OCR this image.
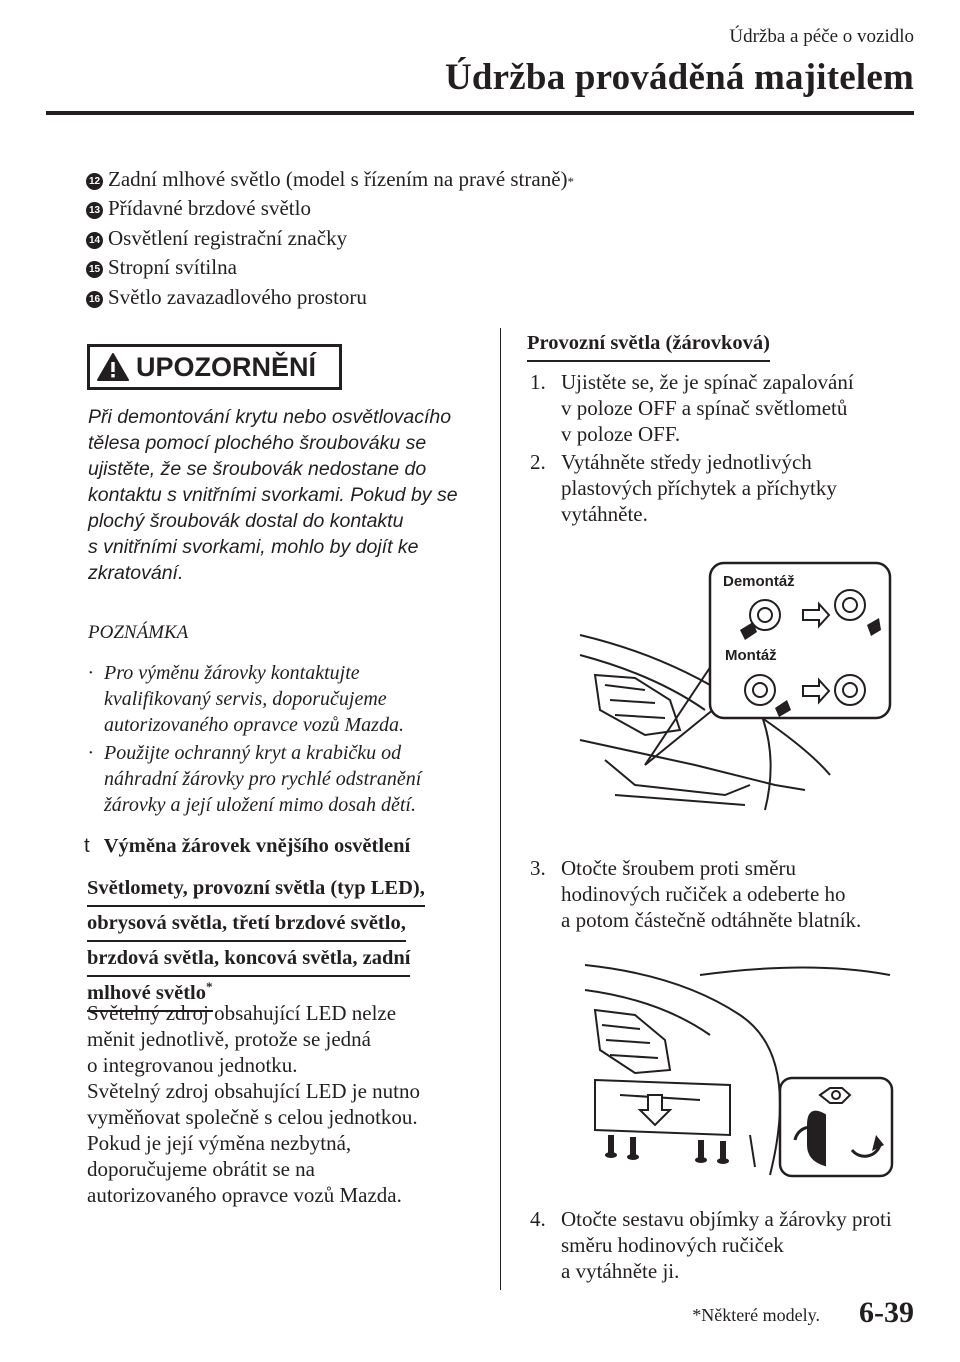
Údržba a péče o vozidlo
Údržba prováděná majitelem
12 Zadní mlhové světlo (model s řízením na pravé straně) *
13 Přídavné brzdové světlo
14 Osvětlení registrační značky
15 Stropní svítilna
16 Světlo zavazadlového prostoru
UPOZORNĚNÍ
Při demontování krytu nebo osvětlovacího
tělesa pomocí plochého šroubováku se
ujistěte, že se šroubovák nedostane do
kontaktu s vnitřními svorkami. Pokud by se
plochý šroubovák dostal do kontaktu
s vnitřními svorkami, mohlo by dojít ke
zkratování.
POZNÁMKA
· Pro výměnu žárovky kontaktujte
kvalifikovaný servis, doporučujeme
autorizovaného opravce vozů Mazda.
· Použijte ochranný kryt a krabičku od
náhradní žárovky pro rychlé odstranění
žárovky a její uložení mimo dosah dětí.
t Výměna žárovek vnějšího osvětlení
Světlomety, provozní světla (typ LED),
obrysová světla, třetí brzdové světlo,
brzdová světla, koncová světla, zadní
mlhové světlo*
Světelný zdroj obsahující LED nelze
měnit jednotlivě, protože se jedná
o integrovanou jednotku.
Světelný zdroj obsahující LED je nutno
vyměňovat společně s celou jednotkou.
Pokud je její výměna nezbytná,
doporučujeme obrátit se na
autorizovaného opravce vozů Mazda.
Provozní světla (žárovková)
1. Ujistěte se, že je spínač zapalování
v poloze OFF a spínač světlometů
v poloze OFF.
2. Vytáhněte středy jednotlivých
plastových příchytek a příchytky
vytáhněte.
Demontáž
Montáž
3. Otočte šroubem proti směru
hodinových ručiček a odeberte ho
a potom částečně odtáhněte blatník.
4. Otočte sestavu objímky a žárovky proti
směru hodinových ručiček
a vytáhněte ji.
*Některé modely. 6-39
